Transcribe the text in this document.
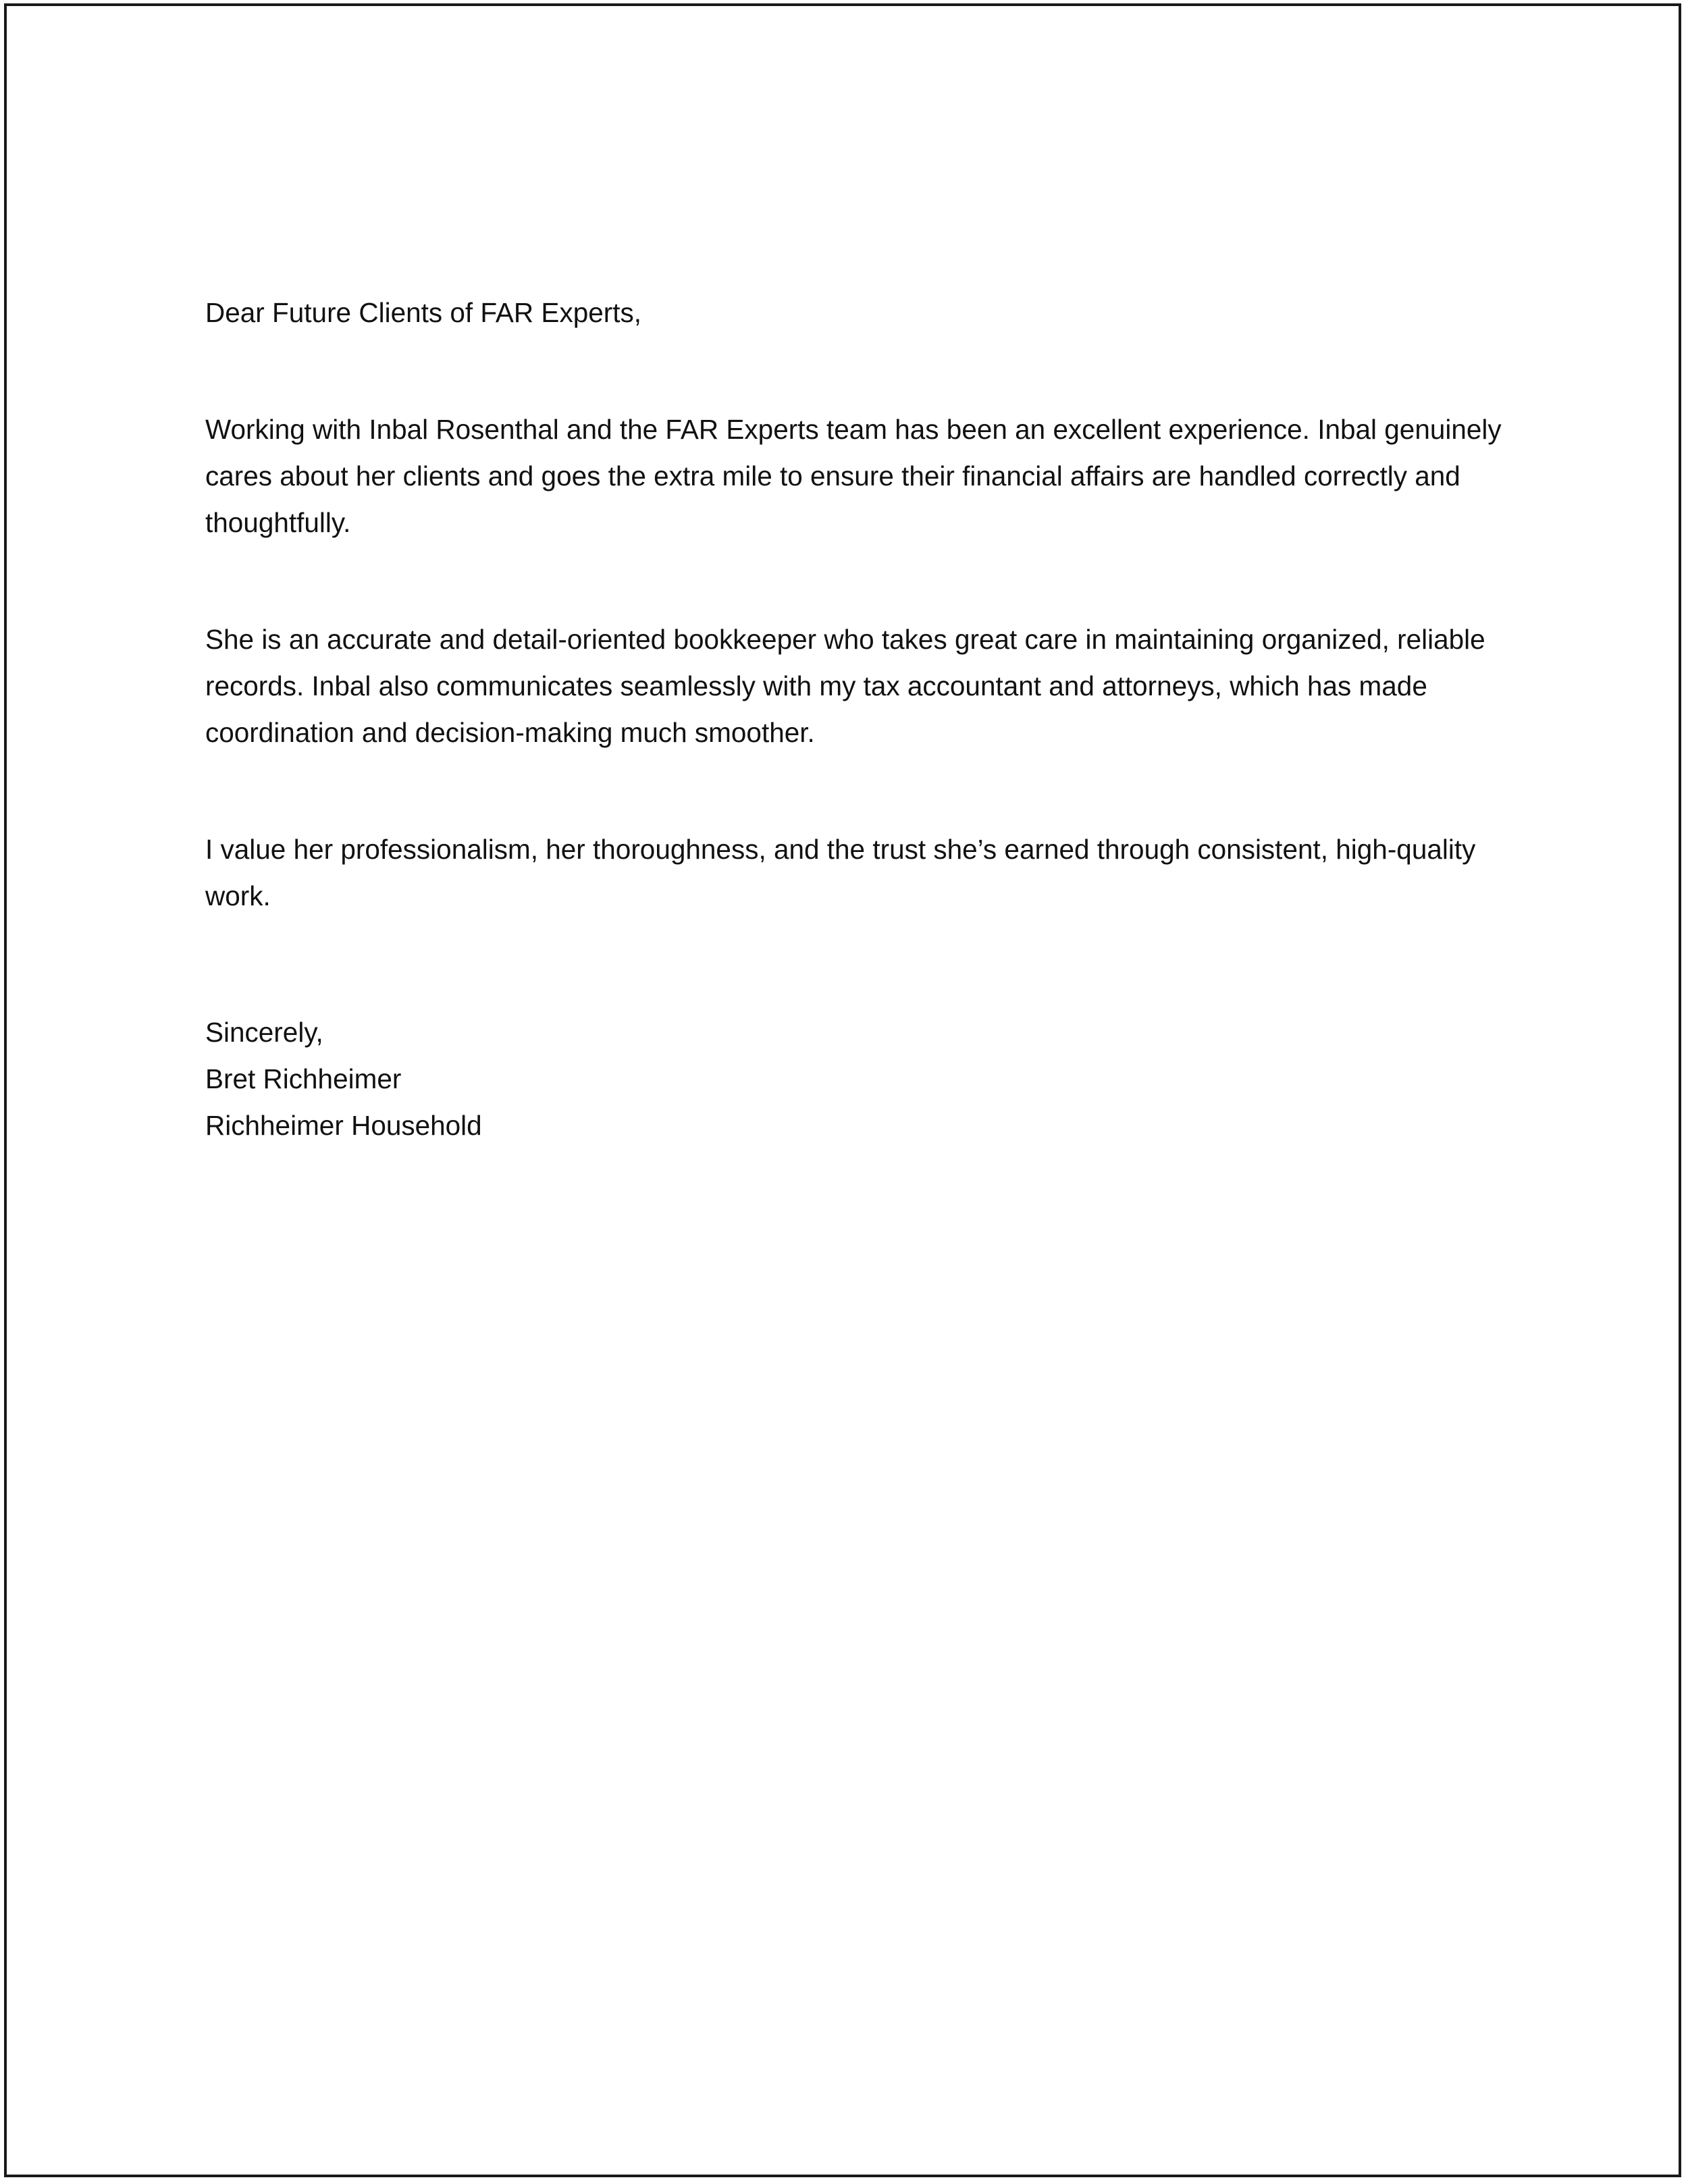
Dear Future Clients of FAR Experts,

Working with Inbal Rosenthal and the FAR Experts team has been an excellent experience. Inbal genuinely cares about her clients and goes the extra mile to ensure their financial affairs are handled correctly and thoughtfully.

She is an accurate and detail-oriented bookkeeper who takes great care in maintaining organized, reliable records. Inbal also communicates seamlessly with my tax accountant and attorneys, which has made coordination and decision-making much smoother.

I value her professionalism, her thoroughness, and the trust she’s earned through consistent, high-quality work.

Sincerely,
Bret Richheimer
Richheimer Household
